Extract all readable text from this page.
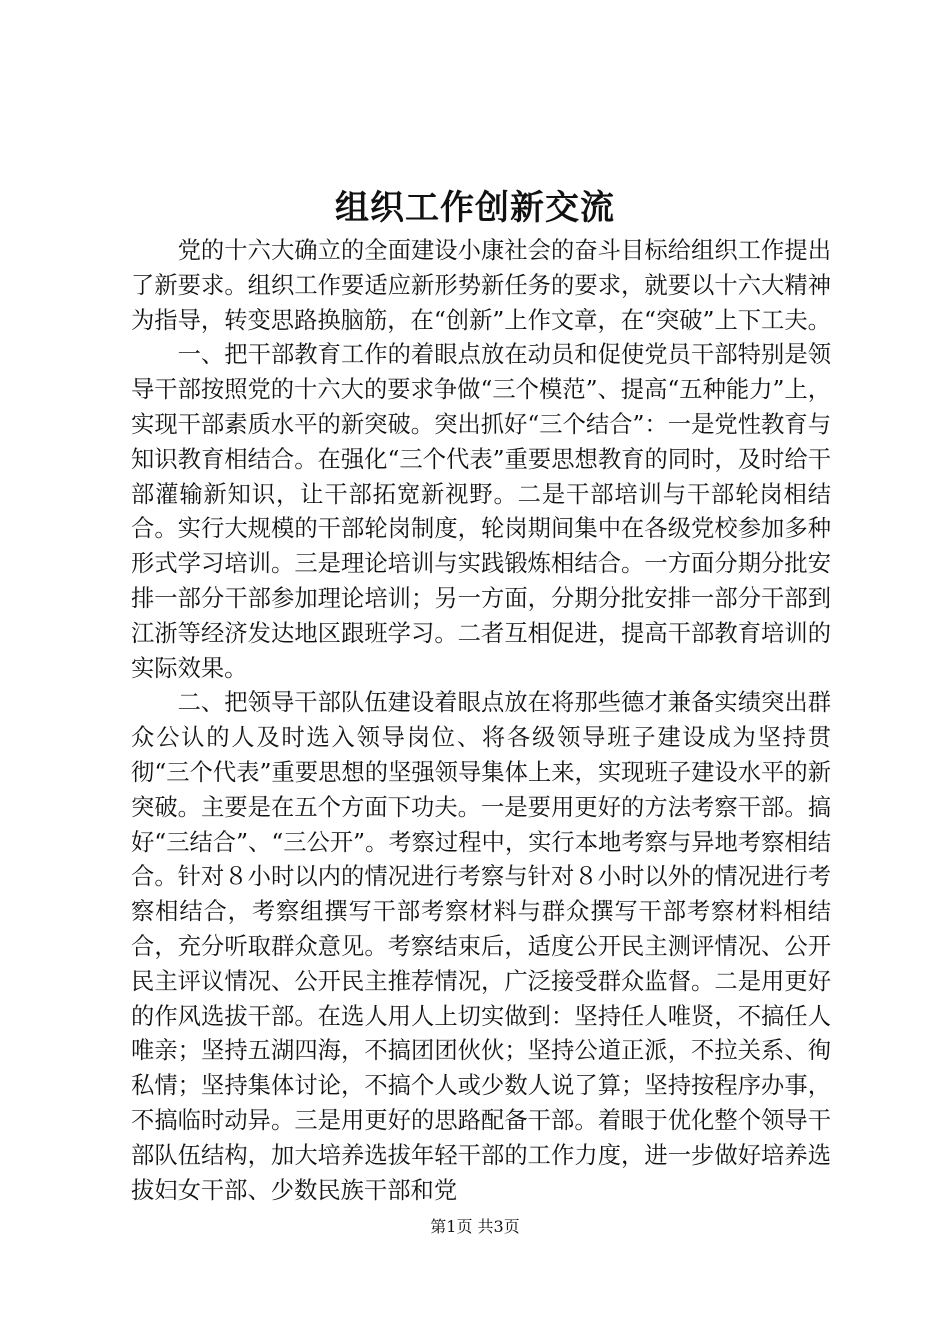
组织工作创新交流

党的十六大确立的全面建设小康社会的奋斗目标给组织工作提出了新要求。组织工作要适应新形势新任务的要求，就要以十六大精神为指导，转变思路换脑筋，在“创新”上作文章，在“突破”上下工夫。

一、把干部教育工作的着眼点放在动员和促使党员干部特别是领导干部按照党的十六大的要求争做“三个模范”、提高“五种能力”上，实现干部素质水平的新突破。突出抓好“三个结合”：一是党性教育与知识教育相结合。在强化“三个代表”重要思想教育的同时，及时给干部灌输新知识，让干部拓宽新视野。二是干部培训与干部轮岗相结合。实行大规模的干部轮岗制度，轮岗期间集中在各级党校参加多种形式学习培训。三是理论培训与实践锻炼相结合。一方面分期分批安排一部分干部参加理论培训；另一方面，分期分批安排一部分干部到江浙等经济发达地区跟班学习。二者互相促进，提高干部教育培训的实际效果。

二、把领导干部队伍建设着眼点放在将那些德才兼备实绩突出群众公认的人及时选入领导岗位、将各级领导班子建设成为坚持贯彻“三个代表”重要思想的坚强领导集体上来，实现班子建设水平的新突破。主要是在五个方面下功夫。一是要用更好的方法考察干部。搞好“三结合”、“三公开”。考察过程中，实行本地考察与异地考察相结合。针对８小时以内的情况进行考察与针对８小时以外的情况进行考察相结合，考察组撰写干部考察材料与群众撰写干部考察材料相结合，充分听取群众意见。考察结束后，适度公开民主测评情况、公开民主评议情况、公开民主推荐情况，广泛接受群众监督。二是用更好的作风选拔干部。在选人用人上切实做到：坚持任人唯贤，不搞任人唯亲；坚持五湖四海，不搞团团伙伙；坚持公道正派，不拉关系、徇私情；坚持集体讨论，不搞个人或少数人说了算；坚持按程序办事，不搞临时动异。三是用更好的思路配备干部。着眼于优化整个领导干部队伍结构，加大培养选拔年轻干部的工作力度，进一步做好培养选拔妇女干部、少数民族干部和党

第1页 共3页
